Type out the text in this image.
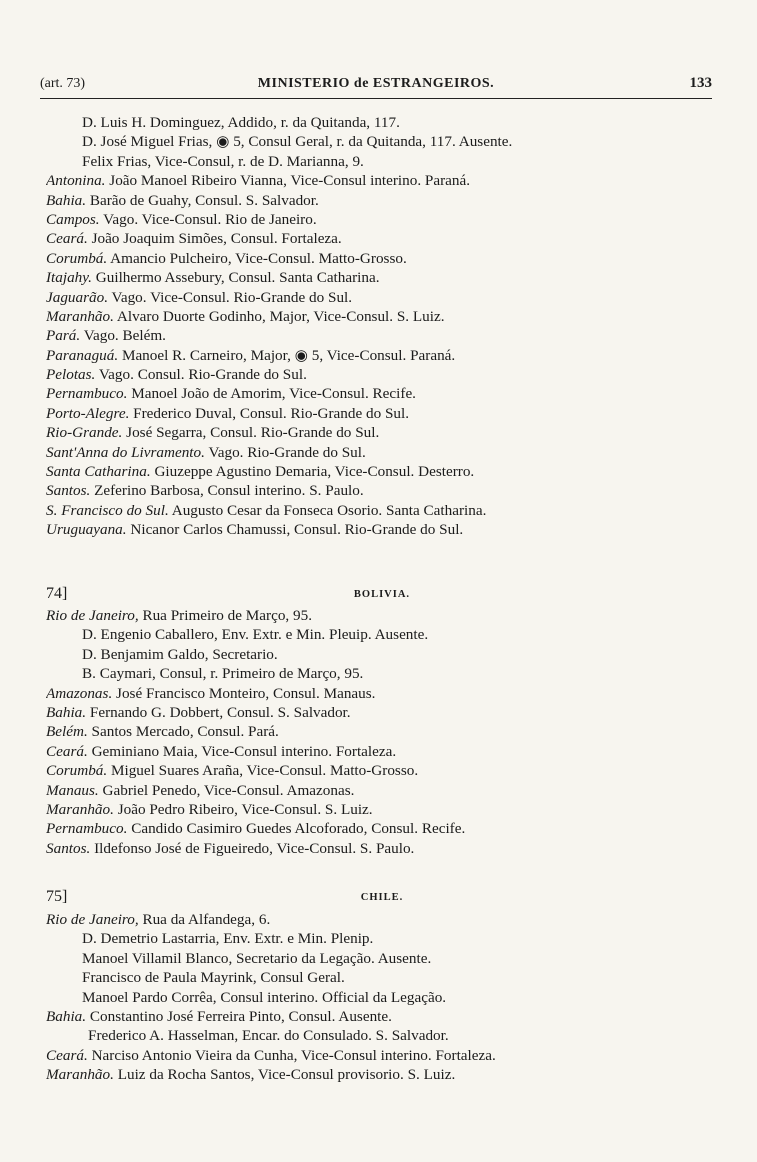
(art. 73)	MINISTERIO de ESTRANGEIROS.	133
D. Luis H. Dominguez, Addido, r. da Quitanda, 117.
D. José Miguel Frias, ◉ 5, Consul Geral, r. da Quitanda, 117. Ausente.
Felix Frias, Vice-Consul, r. de D. Marianna, 9.
Antonina. João Manoel Ribeiro Vianna, Vice-Consul interino. Paraná.
Bahia. Barão de Guahy, Consul. S. Salvador.
Campos. Vago. Vice-Consul. Rio de Janeiro.
Ceará. João Joaquim Simões, Consul. Fortaleza.
Corumbá. Amancio Pulcheiro, Vice-Consul. Matto-Grosso.
Itajahy. Guilhermo Assebury, Consul. Santa Catharina.
Jaguarão. Vago. Vice-Consul. Rio-Grande do Sul.
Maranhão. Alvaro Duorte Godinho, Major, Vice-Consul. S. Luiz.
Pará. Vago. Belém.
Paranaguá. Manoel R. Carneiro, Major, ◉ 5, Vice-Consul. Paraná.
Pelotas. Vago. Consul. Rio-Grande do Sul.
Pernambuco. Manoel João de Amorim, Vice-Consul. Recife.
Porto-Alegre. Frederico Duval, Consul. Rio-Grande do Sul.
Rio-Grande. José Segarra, Consul. Rio-Grande do Sul.
Sant'Anna do Livramento. Vago. Rio-Grande do Sul.
Santa Catharina. Giuzeppe Agustino Demaria, Vice-Consul. Desterro.
Santos. Zeferino Barbosa, Consul interino. S. Paulo.
S. Francisco do Sul. Augusto Cesar da Fonseca Osorio. Santa Catharina.
Uruguayana. Nicanor Carlos Chamussi, Consul. Rio-Grande do Sul.
74]	BOLIVIA.
Rio de Janeiro, Rua Primeiro de Março, 95.
D. Engenio Caballero, Env. Extr. e Min. Pleuip. Ausente.
D. Benjamim Galdo, Secretario.
B. Caymari, Consul, r. Primeiro de Março, 95.
Amazonas. José Francisco Monteiro, Consul. Manaus.
Bahia. Fernando G. Dobbert, Consul. S. Salvador.
Belém. Santos Mercado, Consul. Pará.
Ceará. Geminiano Maia, Vice-Consul interino. Fortaleza.
Corumbá. Miguel Suares Araña, Vice-Consul. Matto-Grosso.
Manaus. Gabriel Penedo, Vice-Consul. Amazonas.
Maranhão. João Pedro Ribeiro, Vice-Consul. S. Luiz.
Pernambuco. Candido Casimiro Guedes Alcoforado, Consul. Recife.
Santos. Ildefonso José de Figueiredo, Vice-Consul. S. Paulo.
75]	CHILE.
Rio de Janeiro, Rua da Alfandega, 6.
D. Demetrio Lastarria, Env. Extr. e Min. Plenip.
Manoel Villamil Blanco, Secretario da Legação. Ausente.
Francisco de Paula Mayrink, Consul Geral.
Manoel Pardo Corrêa, Consul interino. Official da Legação.
Bahia. Constantino José Ferreira Pinto, Consul. Ausente.
Frederico A. Hasselman, Encar. do Consulado. S. Salvador.
Ceará. Narciso Antonio Vieira da Cunha, Vice-Consul interino. Fortaleza.
Maranhão. Luiz da Rocha Santos, Vice-Consul provisorio. S. Luiz.
